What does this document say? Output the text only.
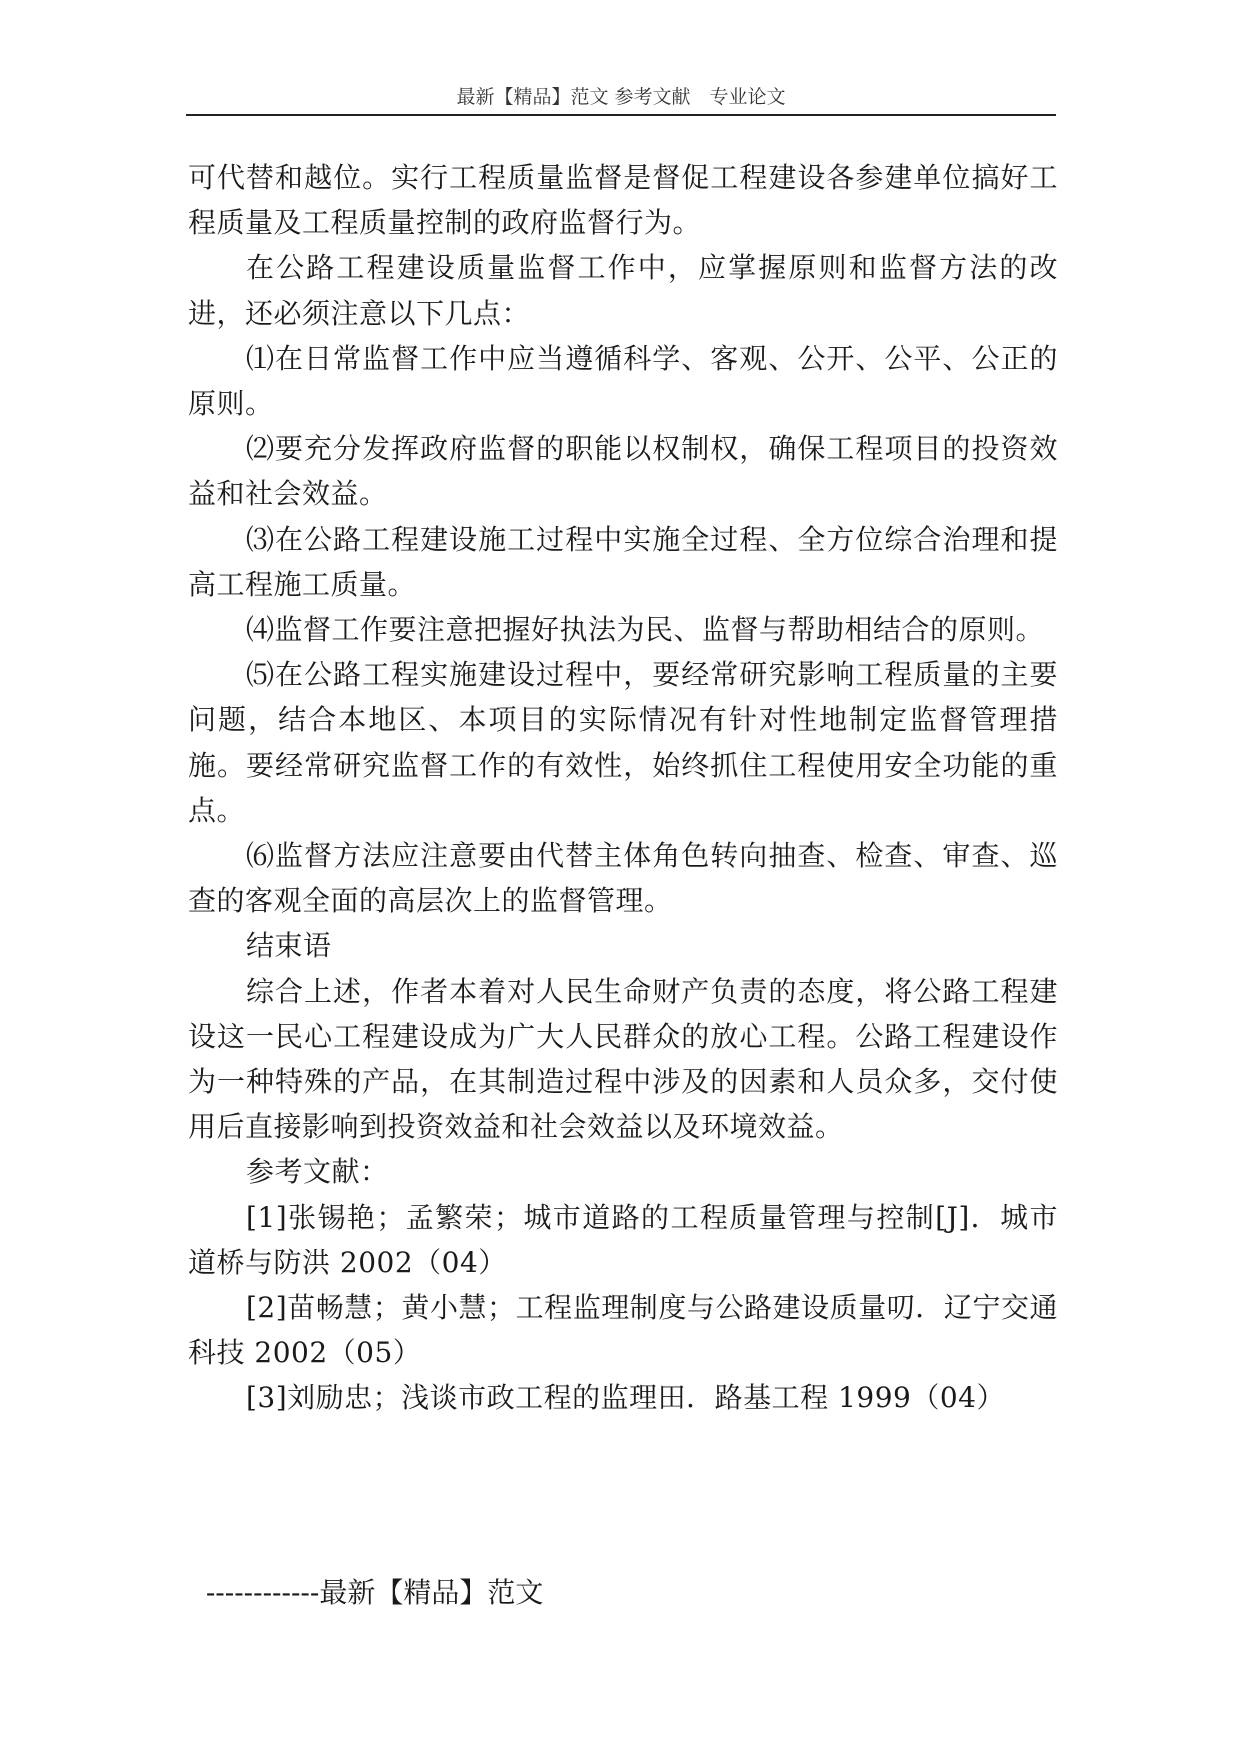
最新【精品】范文 参考文献　专业论文

可代替和越位。实行工程质量监督是督促工程建设各参建单位搞好工程质量及工程质量控制的政府监督行为。

在公路工程建设质量监督工作中，应掌握原则和监督方法的改进，还必须注意以下几点：

⑴在日常监督工作中应当遵循科学、客观、公开、公平、公正的原则。

⑵要充分发挥政府监督的职能以权制权，确保工程项目的投资效益和社会效益。

⑶在公路工程建设施工过程中实施全过程、全方位综合治理和提高工程施工质量。

⑷监督工作要注意把握好执法为民、监督与帮助相结合的原则。

⑸在公路工程实施建设过程中，要经常研究影响工程质量的主要问题，结合本地区、本项目的实际情况有针对性地制定监督管理措施。要经常研究监督工作的有效性，始终抓住工程使用安全功能的重点。

⑹监督方法应注意要由代替主体角色转向抽查、检查、审查、巡查的客观全面的高层次上的监督管理。

结束语

综合上述，作者本着对人民生命财产负责的态度，将公路工程建设这一民心工程建设成为广大人民群众的放心工程。公路工程建设作为一种特殊的产品，在其制造过程中涉及的因素和人员众多，交付使用后直接影响到投资效益和社会效益以及环境效益。

参考文献：

[1]张锡艳；孟繁荣；城市道路的工程质量管理与控制[J]．城市道桥与防洪 2002（04）

[2]苗畅慧；黄小慧；工程监理制度与公路建设质量叨．辽宁交通科技 2002（05）

[3]刘励忠；浅谈市政工程的监理田．路基工程 1999（04）

------------最新【精品】范文
